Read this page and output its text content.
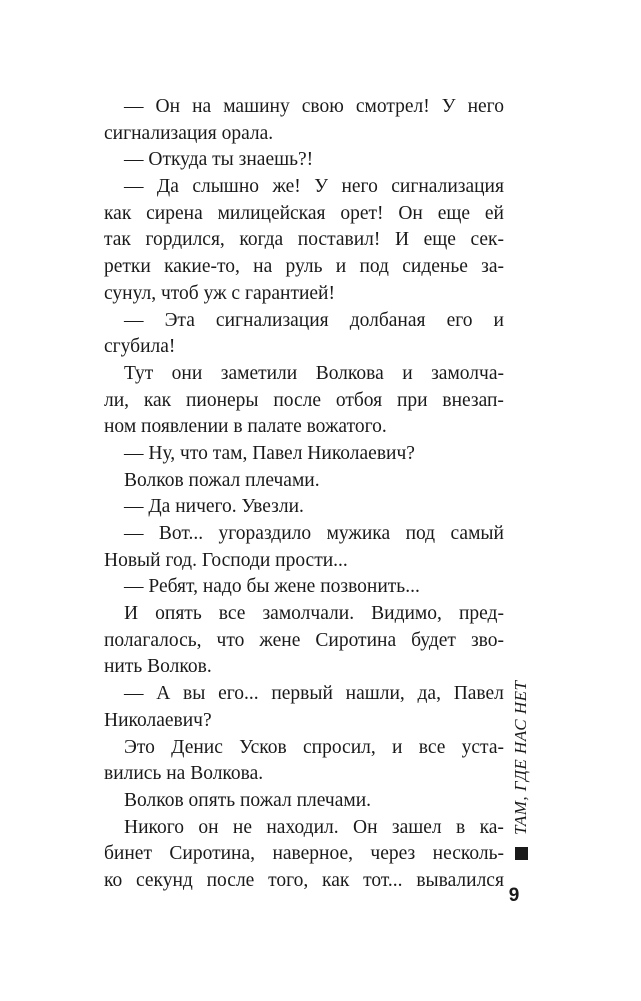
— Он на машину свою смотрел! У него
сигнализация орала.
— Откуда ты знаешь?!
— Да слышно же! У него сигнализация
как сирена милицейская орет! Он еще ей
так гордился, когда поставил! И еще сек-
ретки какие-то, на руль и под сиденье за-
сунул, чтоб уж с гарантией!
— Эта сигнализация долбаная его и
сгубила!
Тут они заметили Волкова и замолча-
ли, как пионеры после отбоя при внезап-
ном появлении в палате вожатого.
— Ну, что там, Павел Николаевич?
Волков пожал плечами.
— Да ничего. Увезли.
— Вот... угораздило мужика под самый
Новый год. Господи прости...
— Ребят, надо бы жене позвонить...
И опять все замолчали. Видимо, пред-
полагалось, что жене Сиротина будет зво-
нить Волков.
— А вы его... первый нашли, да, Павел
Николаевич?
Это Денис Усков спросил, и все уста-
вились на Волкова.
Волков опять пожал плечами.
Никого он не находил. Он зашел в ка-
бинет Сиротина, наверное, через несколь-
ко секунд после того, как тот... вывалился
ТАМ, ГДЕ НАС НЕТ
9
